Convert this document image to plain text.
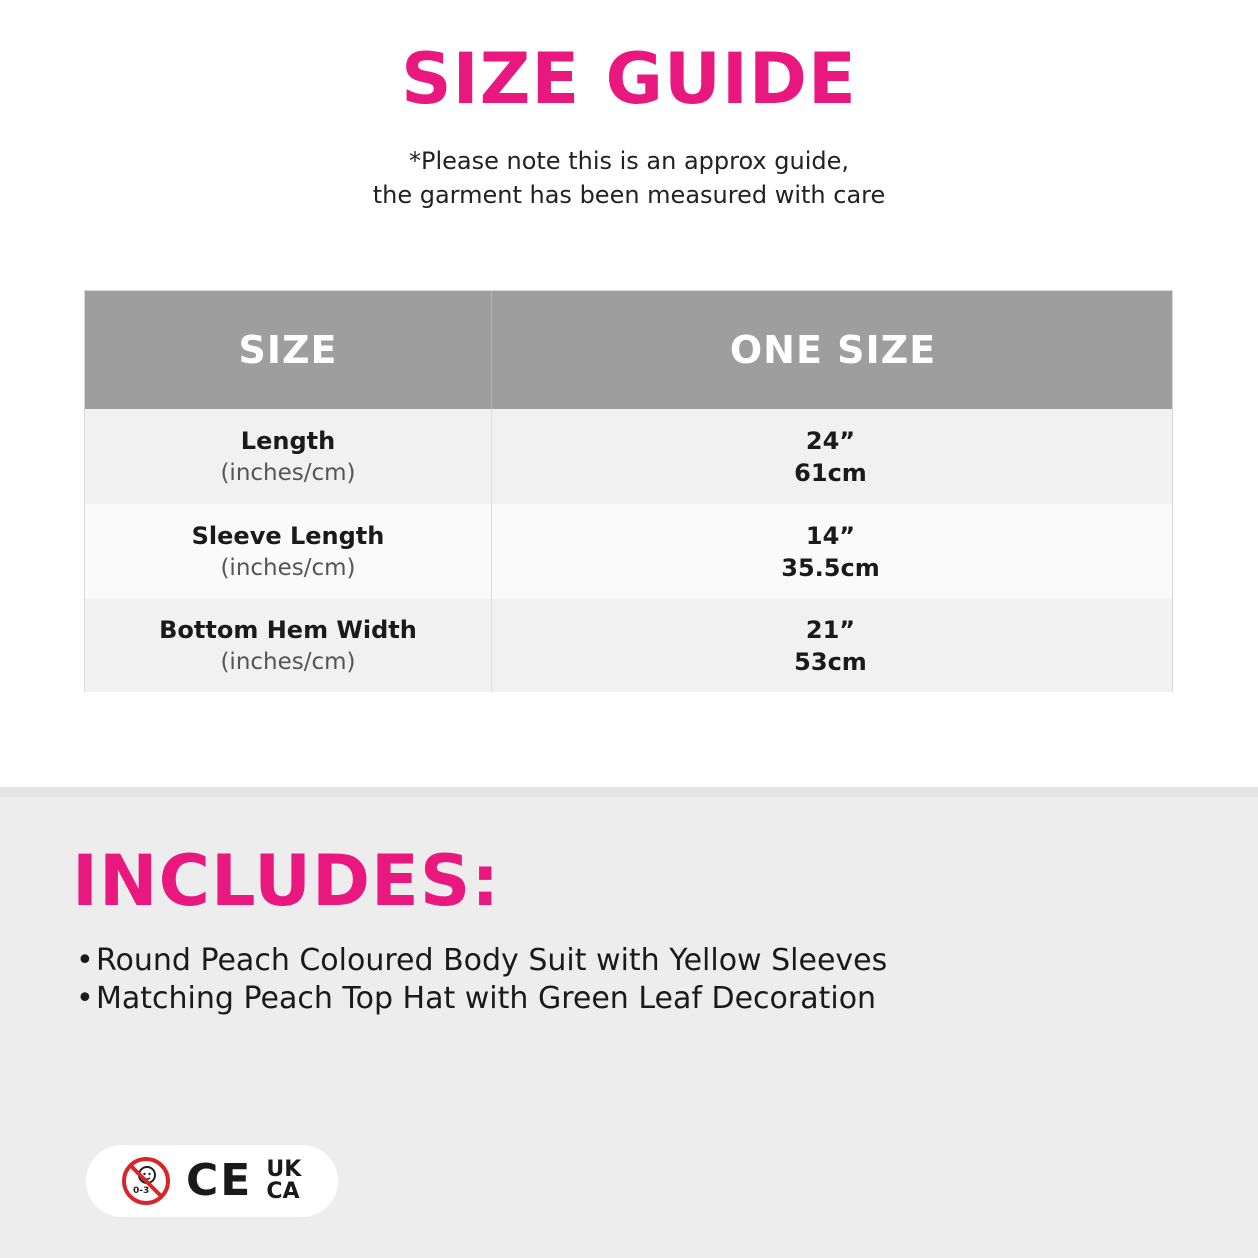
SIZE GUIDE
*Please note this is an approx guide,
the garment has been measured with care
SIZE	ONE SIZE
Length
(inches/cm)
24”
61cm
Sleeve Length
(inches/cm)
14”
35.5cm
Bottom Hem Width
(inches/cm)
21”
53cm
INCLUDES:
•Round Peach Coloured Body Suit with Yellow Sleeves
•Matching Peach Top Hat with Green Leaf Decoration
0-3 CE UK
CA
